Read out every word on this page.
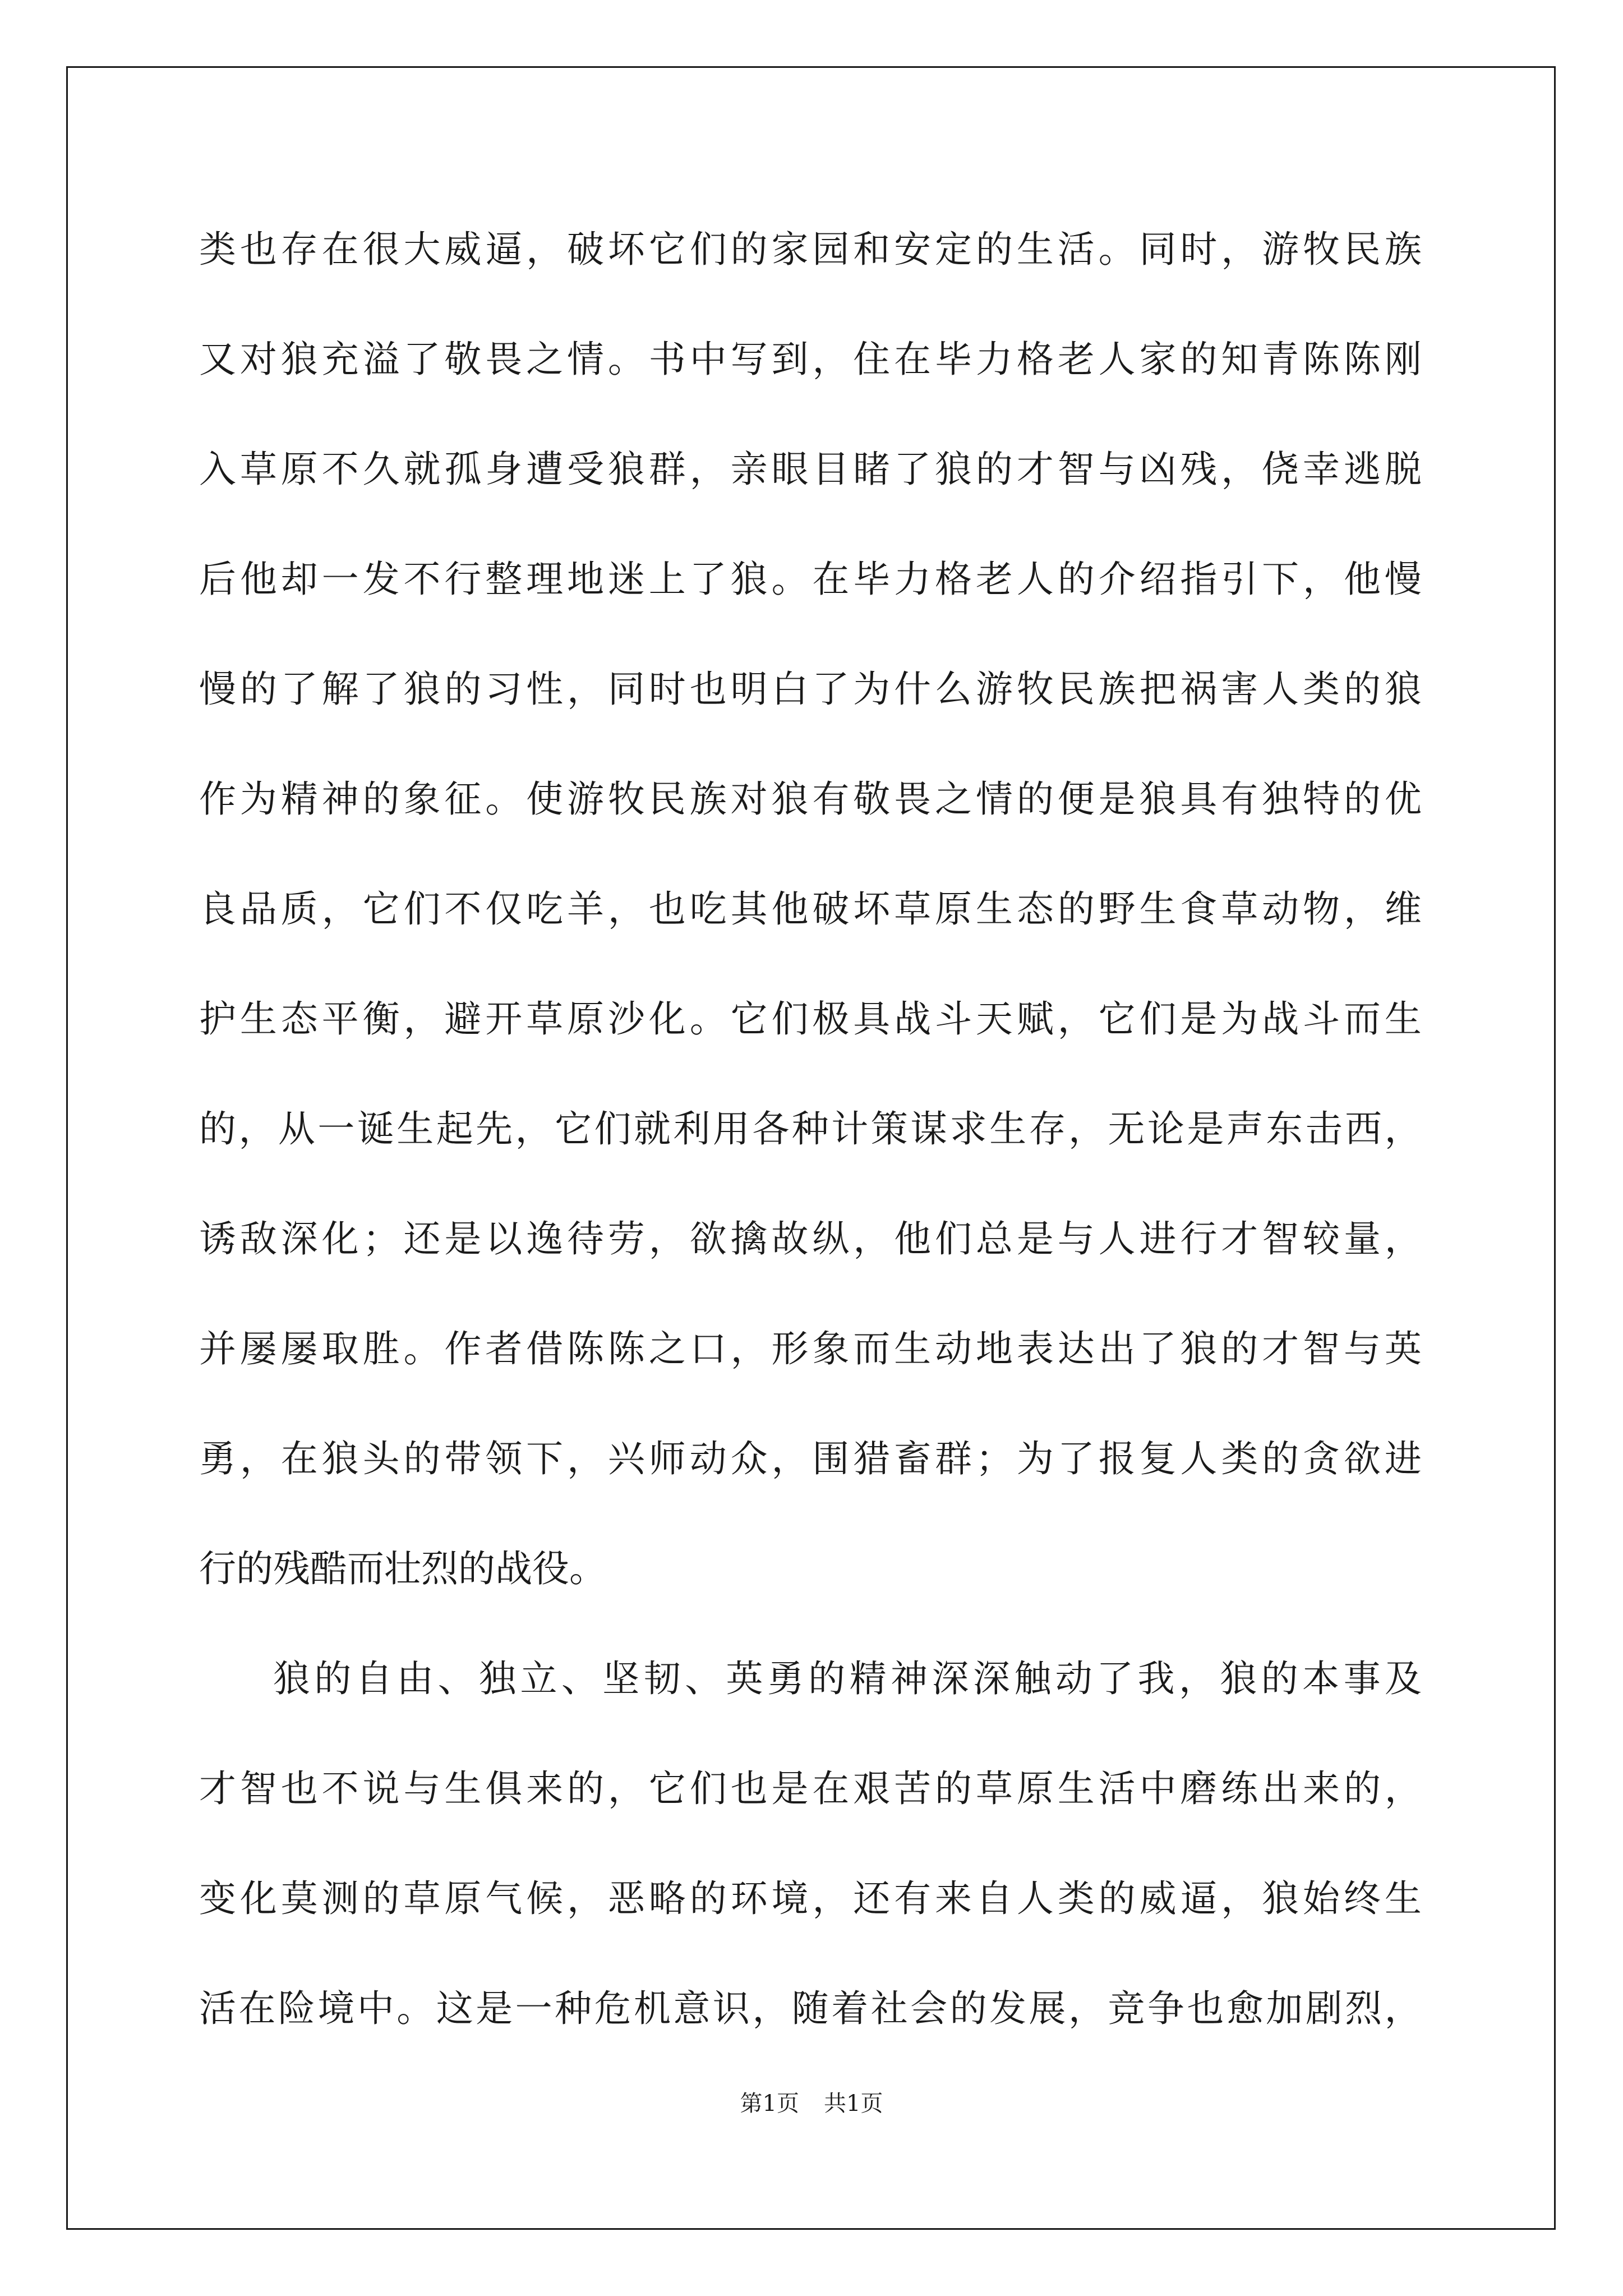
类 也 存 在 很 大 威 逼 ， 破 坏 它 们 的 家 园 和 安 定 的 生 活 。 同 时 ， 游 牧 民 族
又 对 狼 充 溢 了 敬 畏 之 情 。 书 中 写 到 ， 住 在 毕 力 格 老 人 家 的 知 青 陈 陈 刚
入 草 原 不 久 就 孤 身 遭 受 狼 群 ， 亲 眼 目 睹 了 狼 的 才 智 与 凶 残 ， 侥 幸 逃 脱
后 他 却 一 发 不 行 整 理 地 迷 上 了 狼 。 在 毕 力 格 老 人 的 介 绍 指 引 下 ， 他 慢
慢 的 了 解 了 狼 的 习 性 ， 同 时 也 明 白 了 为 什 么 游 牧 民 族 把 祸 害 人 类 的 狼
作 为 精 神 的 象 征 。 使 游 牧 民 族 对 狼 有 敬 畏 之 情 的 便 是 狼 具 有 独 特 的 优
良 品 质 ， 它 们 不 仅 吃 羊 ， 也 吃 其 他 破 坏 草 原 生 态 的 野 生 食 草 动 物 ， 维
护 生 态 平 衡 ， 避 开 草 原 沙 化 。 它 们 极 具 战 斗 天 赋 ， 它 们 是 为 战 斗 而 生
的 ， 从 一 诞 生 起 先 ， 它 们 就 利 用 各 种 计 策 谋 求 生 存 ， 无 论 是 声 东 击 西 ，
诱 敌 深 化 ； 还 是 以 逸 待 劳 ， 欲 擒 故 纵 ， 他 们 总 是 与 人 进 行 才 智 较 量 ，
并 屡 屡 取 胜 。 作 者 借 陈 陈 之 口 ， 形 象 而 生 动 地 表 达 出 了 狼 的 才 智 与 英
勇 ， 在 狼 头 的 带 领 下 ， 兴 师 动 众 ， 围 猎 畜 群 ； 为 了 报 复 人 类 的 贪 欲 进
行的残酷而壮烈的战役。
狼 的 自 由 、 独 立 、 坚 韧 、 英 勇 的 精 神 深 深 触 动 了 我 ， 狼 的 本 事 及
才 智 也 不 说 与 生 俱 来 的 ， 它 们 也 是 在 艰 苦 的 草 原 生 活 中 磨 练 出 来 的 ，
变 化 莫 测 的 草 原 气 候 ， 恶 略 的 环 境 ， 还 有 来 自 人 类 的 威 逼 ， 狼 始 终 生
活 在 险 境 中 。 这 是 一 种 危 机 意 识 ， 随 着 社 会 的 发 展 ， 竞 争 也 愈 加 剧 烈 ，
第1页 共1页
